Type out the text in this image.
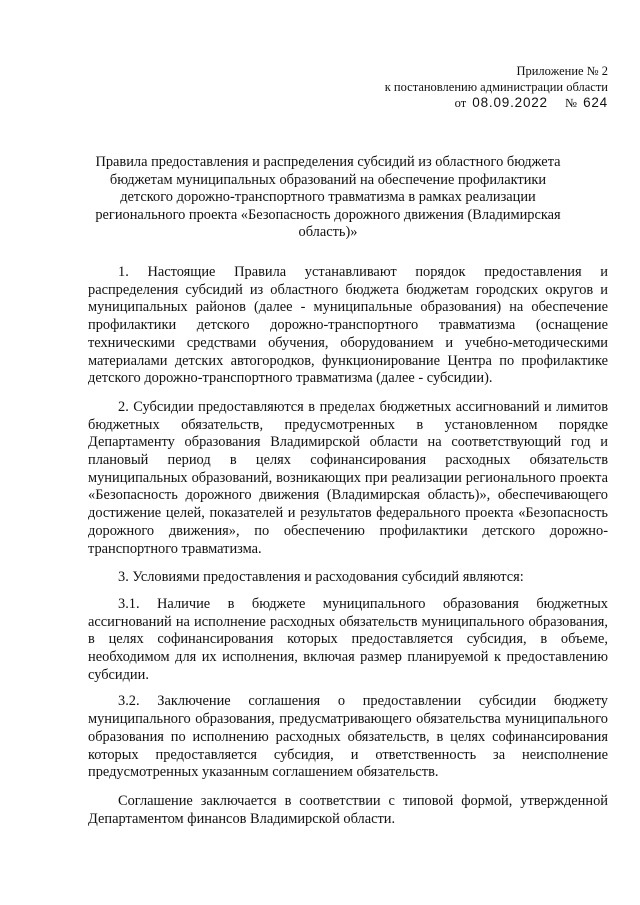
Приложение № 2
к постановлению администрации области
от 08.09.2022 № 624
Правила предоставления и распределения субсидий из областного бюджета бюджетам муниципальных образований на обеспечение профилактики детского дорожно-транспортного травматизма в рамках реализации регионального проекта «Безопасность дорожного движения (Владимирская область)»

1. Настоящие Правила устанавливают порядок предоставления и распределения субсидий из областного бюджета бюджетам городских округов и муниципальных районов (далее - муниципальные образования) на обеспечение профилактики детского дорожно-транспортного травматизма (оснащение техническими средствами обучения, оборудованием и учебно-методическими материалами детских автогородков, функционирование Центра по профилактике детского дорожно-транспортного травматизма (далее - субсидии).

2. Субсидии предоставляются в пределах бюджетных ассигнований и лимитов бюджетных обязательств, предусмотренных в установленном порядке Департаменту образования Владимирской области на соответствующий год и плановый период в целях софинансирования расходных обязательств муниципальных образований, возникающих при реализации регионального проекта «Безопасность дорожного движения (Владимирская область)», обеспечивающего достижение целей, показателей и результатов федерального проекта «Безопасность дорожного движения», по обеспечению профилактики детского дорожно-транспортного травматизма.

3. Условиями предоставления и расходования субсидий являются:

3.1. Наличие в бюджете муниципального образования бюджетных ассигнований на исполнение расходных обязательств муниципального образования, в целях софинансирования которых предоставляется субсидия, в объеме, необходимом для их исполнения, включая размер планируемой к предоставлению субсидии.

3.2. Заключение соглашения о предоставлении субсидии бюджету муниципального образования, предусматривающего обязательства муниципального образования по исполнению расходных обязательств, в целях софинансирования которых предоставляется субсидия, и ответственность за неисполнение предусмотренных указанным соглашением обязательств.

Соглашение заключается в соответствии с типовой формой, утвержденной Департаментом финансов Владимирской области.
